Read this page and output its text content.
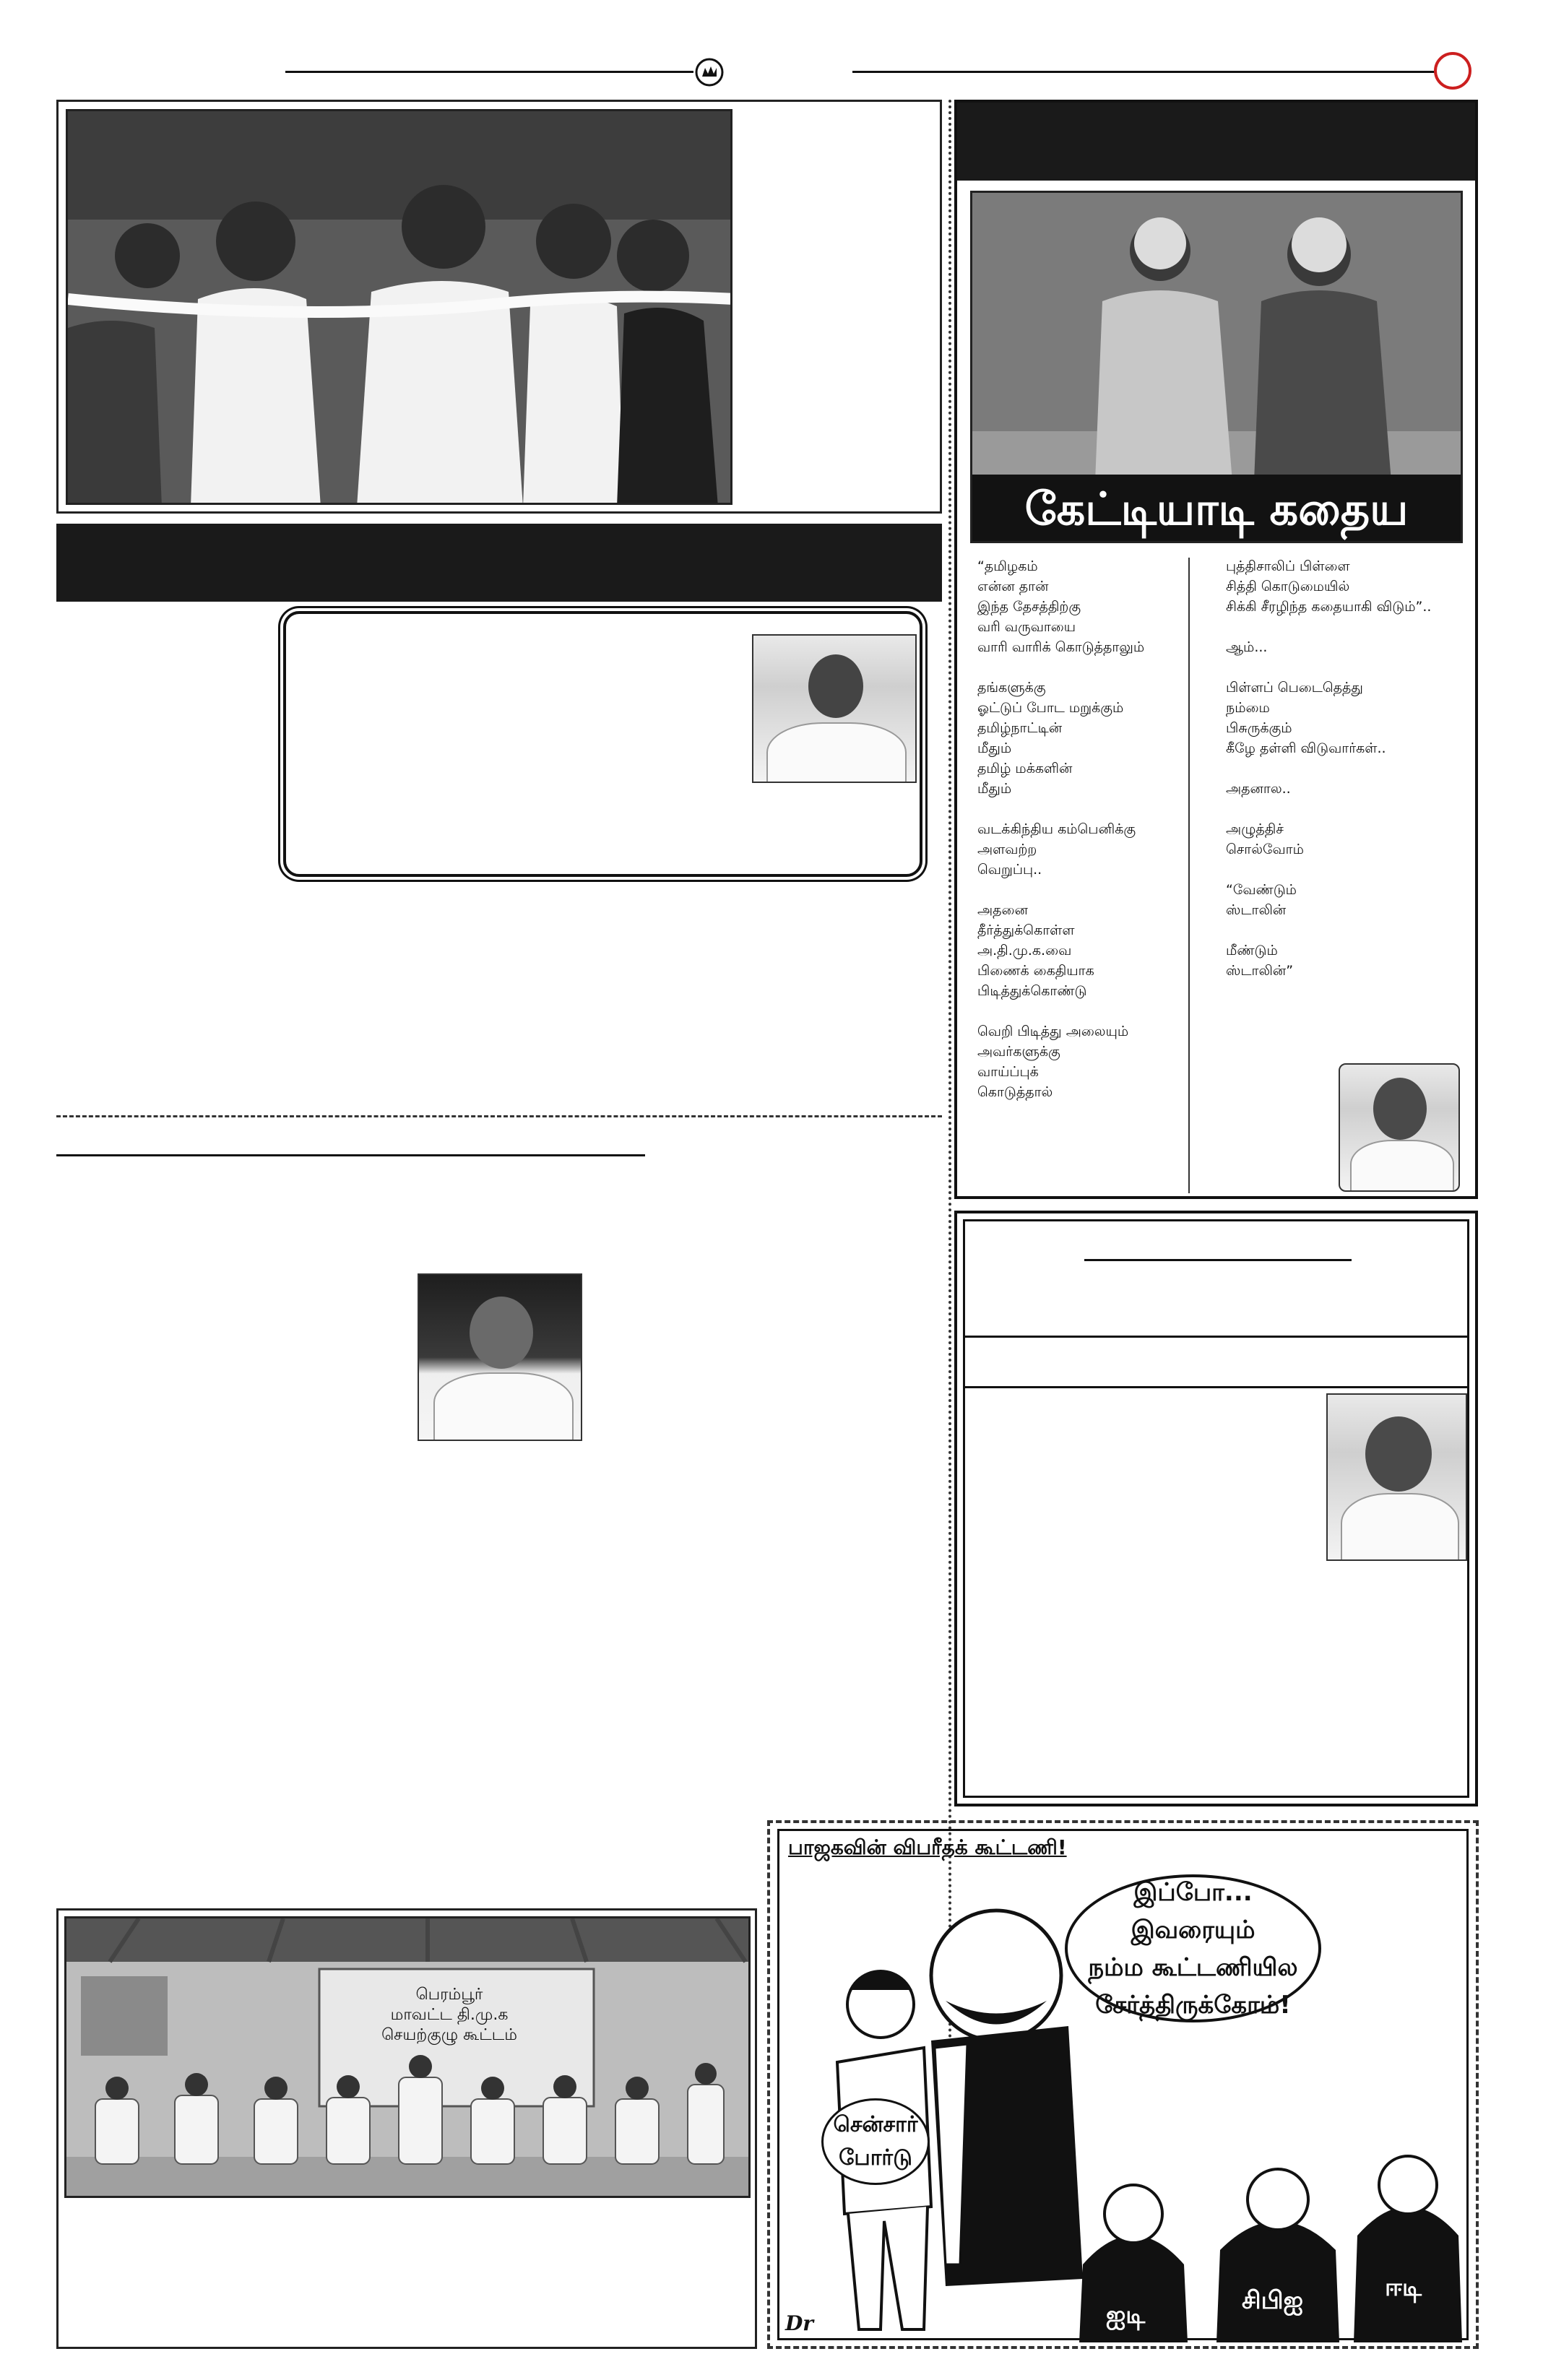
கேட்டியாடி கதைய
“தமிழகம்
என்ன தான்
இந்த தேசத்திற்கு
வரி வருவாயை
வாரி வாரிக் கொடுத்தாலும்

தங்களுக்கு
ஓட்டுப் போட மறுக்கும்
தமிழ்நாட்டின்
மீதும்
தமிழ் மக்களின்
மீதும்

வடக்கிந்திய கம்பெனிக்கு
அளவற்ற
வெறுப்பு..

அதனை
தீர்த்துக்கொள்ள
அ.தி.மு.க.வை
பிணைக் கைதியாக
பிடித்துக்கொண்டு

வெறி பிடித்து அலையும்
அவர்களுக்கு
வாய்ப்புக்
கொடுத்தால்
புத்திசாலிப் பிள்ளை
சித்தி கொடுமையில்
சிக்கி சீரழிந்த கதையாகி விடும்”..

ஆம்...

பிள்ளப் பெடைதெத்து
நம்மை
பிசுருக்கும்
கீழே தள்ளி விடுவார்கள்..

அதனால..

அழுத்திச்
சொல்வோம்

“வேண்டும்
ஸ்டாலின்

மீண்டும்
ஸ்டாலின்”
பெரம்பூர்
மாவட்ட தி.மு.க
செயற்குழு கூட்டம்
பாஜகவின் விபரீதக் கூட்டணி!
இப்போ... இவரையும்
நம்ம கூட்டணியில
சேர்த்திருக்கோம்!
சென்சார்
போர்டு
ஐடி	சிபிஐ	ஈடி
Dr
